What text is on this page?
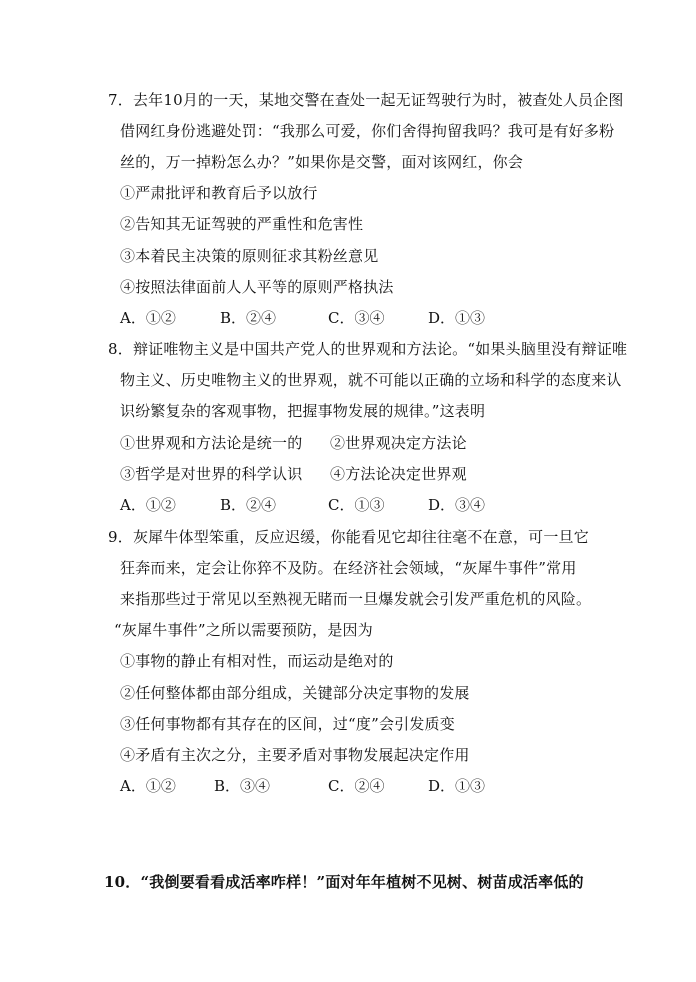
7．去年10月的一天，某地交警在查处一起无证驾驶行为时，被查处人员企图
借网红身份逃避处罚：“我那么可爱，你们舍得拘留我吗？我可是有好多粉
丝的，万一掉粉怎么办？”如果你是交警，面对该网红，你会
①严肃批评和教育后予以放行
②告知其无证驾驶的严重性和危害性
③本着民主决策的原则征求其粉丝意见
④按照法律面前人人平等的原则严格执法
A．①②	B．②④	C．③④	D．①③
8．辩证唯物主义是中国共产党人的世界观和方法论。“如果头脑里没有辩证唯
物主义、历史唯物主义的世界观，就不可能以正确的立场和科学的态度来认
识纷繁复杂的客观事物，把握事物发展的规律。”这表明
①世界观和方法论是统一的 ②世界观决定方法论
③哲学是对世界的科学认识 ④方法论决定世界观
A．①②	B．②④	C．①③	D．③④
9．灰犀牛体型笨重，反应迟缓，你能看见它却往往毫不在意，可一旦它
狂奔而来，定会让你猝不及防。在经济社会领域，“灰犀牛事件”常用
来指那些过于常见以至熟视无睹而一旦爆发就会引发严重危机的风险。
“灰犀牛事件”之所以需要预防，是因为
①事物的静止有相对性，而运动是绝对的
②任何整体都由部分组成，关键部分决定事物的发展
③任何事物都有其存在的区间，过“度”会引发质变
④矛盾有主次之分，主要矛盾对事物发展起决定作用
A．①②	B．③④	C．②④	D．①③
10．“我倒要看看成活率咋样！”面对年年植树不见树、树苗成活率低的
